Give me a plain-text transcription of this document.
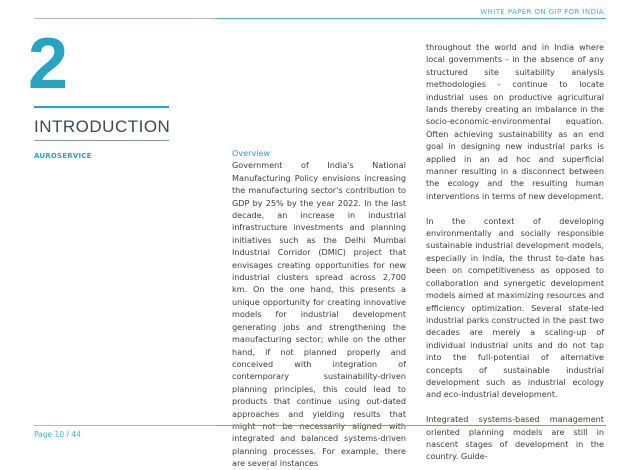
WHITE PAPER ON GIP FOR INDIA
2
INTRODUCTION
AUROSERVICE	Overview

Government of India's National Manufacturing Policy envisions increasing the manufacturing sector's contribution to GDP by 25% by the year 2022. In the last decade, an increase in industrial infrastructure investments and planning initiatives such as the Delhi Mumbai Industrial Corridor (DMIC) project that envisages creating opportunities for new industrial clusters spread across 2,700 km. On the one hand, this presents a unique opportunity for creating innovative models for industrial development generating jobs and strengthening the manufacturing sector; while on the other hand, if not planned properly and conceived with integration of contemporary sustainability-driven planning principles, this could lead to products that continue using out-dated approaches and yielding results that integrated and balanced systems-driven planning processes. For example, there are several instances

throughout the world and in India where local governments - in the absence of any structured site suitability analysis methodologies - continue to locate industrial uses on productive agricultural lands thereby creating an imbalance in the socio-economic-environmental equation. Often achieving sustainability as an end goal in designing new industrial parks is applied in an ad hoc and superficial manner resulting in a disconnect between the ecology and the resulting human interventions in terms of new development.

In the context of developing environmentally and socially responsible sustainable industrial development models, especially in India, the thrust to-date has been on competitiveness as opposed to collaboration and synergetic development models aimed at maximizing resources and efficiency optimization. Several state-led industrial parks constructed in the past two decades are merely a scaling-up of individual industrial units and do not tap into the full-potential of alternative concepts of sustainable industrial development such as industrial ecology and eco-industrial development.

Integrated systems-based management oriented planning models are still in nascent stages of development in the country. Guide-

Page 10 / 44
